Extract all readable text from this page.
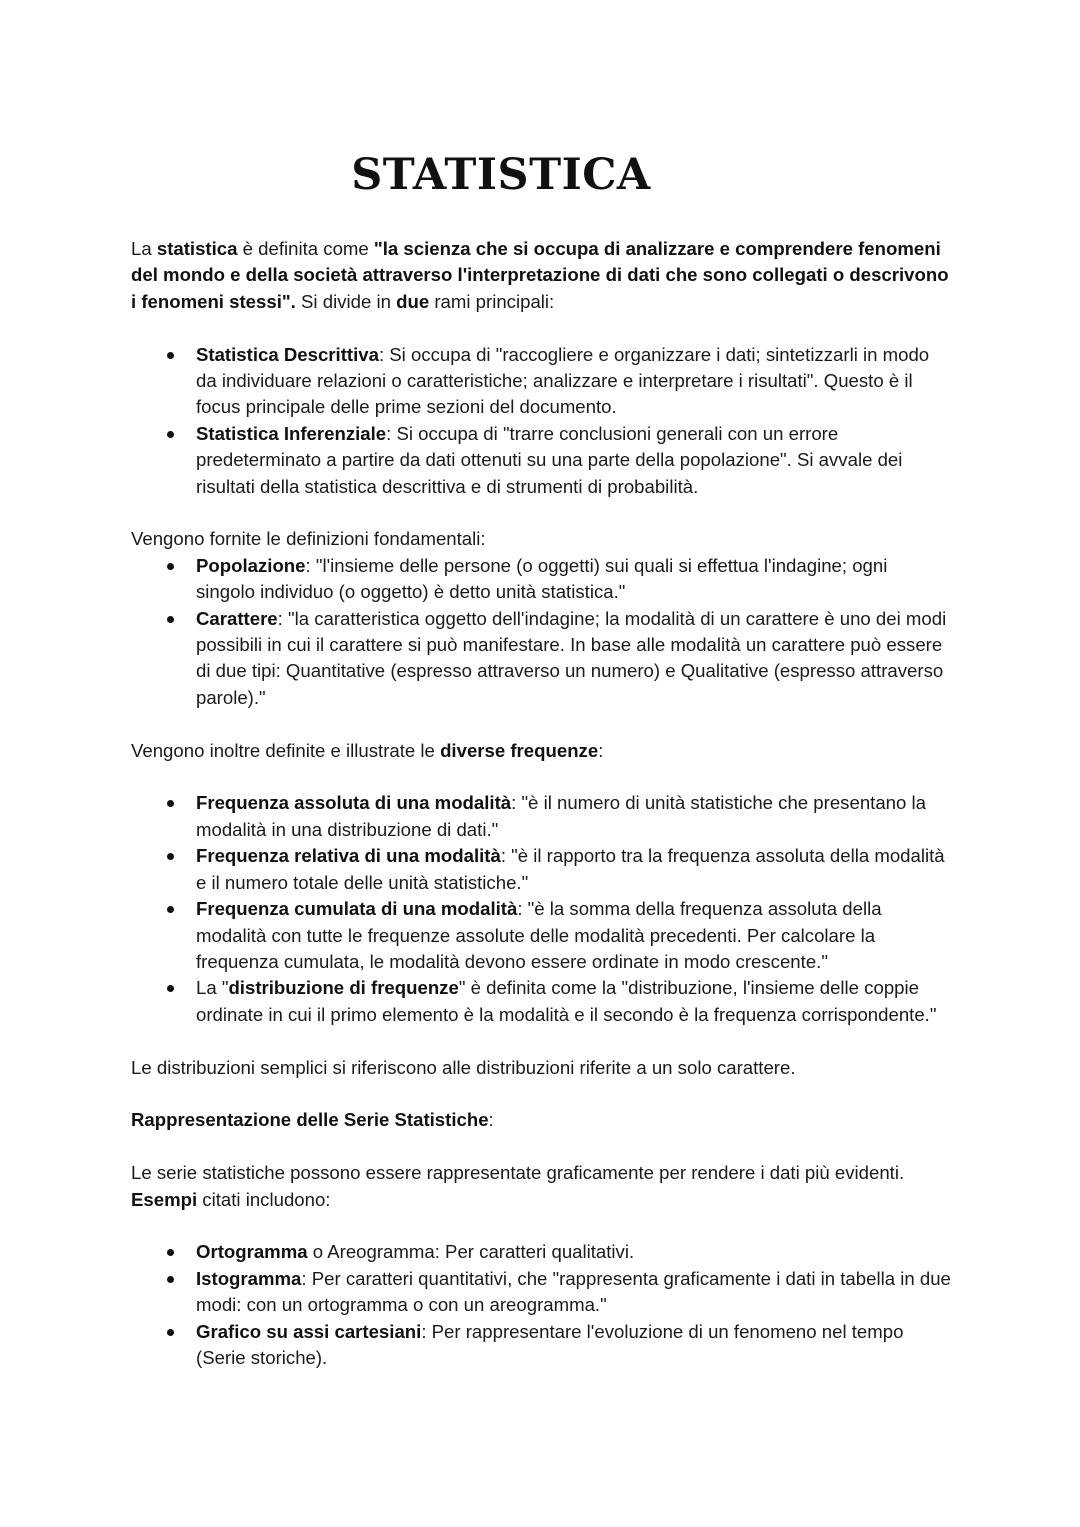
STATISTICA

La statistica è definita come "la scienza che si occupa di analizzare e comprendere fenomeni del mondo e della società attraverso l'interpretazione di dati che sono collegati o descrivono i fenomeni stessi". Si divide in due rami principali:

Statistica Descrittiva: Si occupa di "raccogliere e organizzare i dati; sintetizzarli in modo da individuare relazioni o caratteristiche; analizzare e interpretare i risultati". Questo è il focus principale delle prime sezioni del documento.
Statistica Inferenziale: Si occupa di "trarre conclusioni generali con un errore predeterminato a partire da dati ottenuti su una parte della popolazione". Si avvale dei risultati della statistica descrittiva e di strumenti di probabilità.

Vengono fornite le definizioni fondamentali:

Popolazione: "l'insieme delle persone (o oggetti) sui quali si effettua l'indagine; ogni singolo individuo (o oggetto) è detto unità statistica."
Carattere: "la caratteristica oggetto dell'indagine; la modalità di un carattere è uno dei modi possibili in cui il carattere si può manifestare. In base alle modalità un carattere può essere di due tipi: Quantitative (espresso attraverso un numero) e Qualitative (espresso attraverso parole)."

Vengono inoltre definite e illustrate le diverse frequenze:

Frequenza assoluta di una modalità: "è il numero di unità statistiche che presentano la modalità in una distribuzione di dati."
Frequenza relativa di una modalità: "è il rapporto tra la frequenza assoluta della modalità e il numero totale delle unità statistiche."
Frequenza cumulata di una modalità: "è la somma della frequenza assoluta della modalità con tutte le frequenze assolute delle modalità precedenti. Per calcolare la frequenza cumulata, le modalità devono essere ordinate in modo crescente."
La "distribuzione di frequenze" è definita come la "distribuzione, l'insieme delle coppie ordinate in cui il primo elemento è la modalità e il secondo è la frequenza corrispondente."

Le distribuzioni semplici si riferiscono alle distribuzioni riferite a un solo carattere.

Rappresentazione delle Serie Statistiche:

Le serie statistiche possono essere rappresentate graficamente per rendere i dati più evidenti. Esempi citati includono:

Ortogramma o Areogramma: Per caratteri qualitativi.
Istogramma: Per caratteri quantitativi, che "rappresenta graficamente i dati in tabella in due modi: con un ortogramma o con un areogramma."
Grafico su assi cartesiani: Per rappresentare l'evoluzione di un fenomeno nel tempo (Serie storiche).
